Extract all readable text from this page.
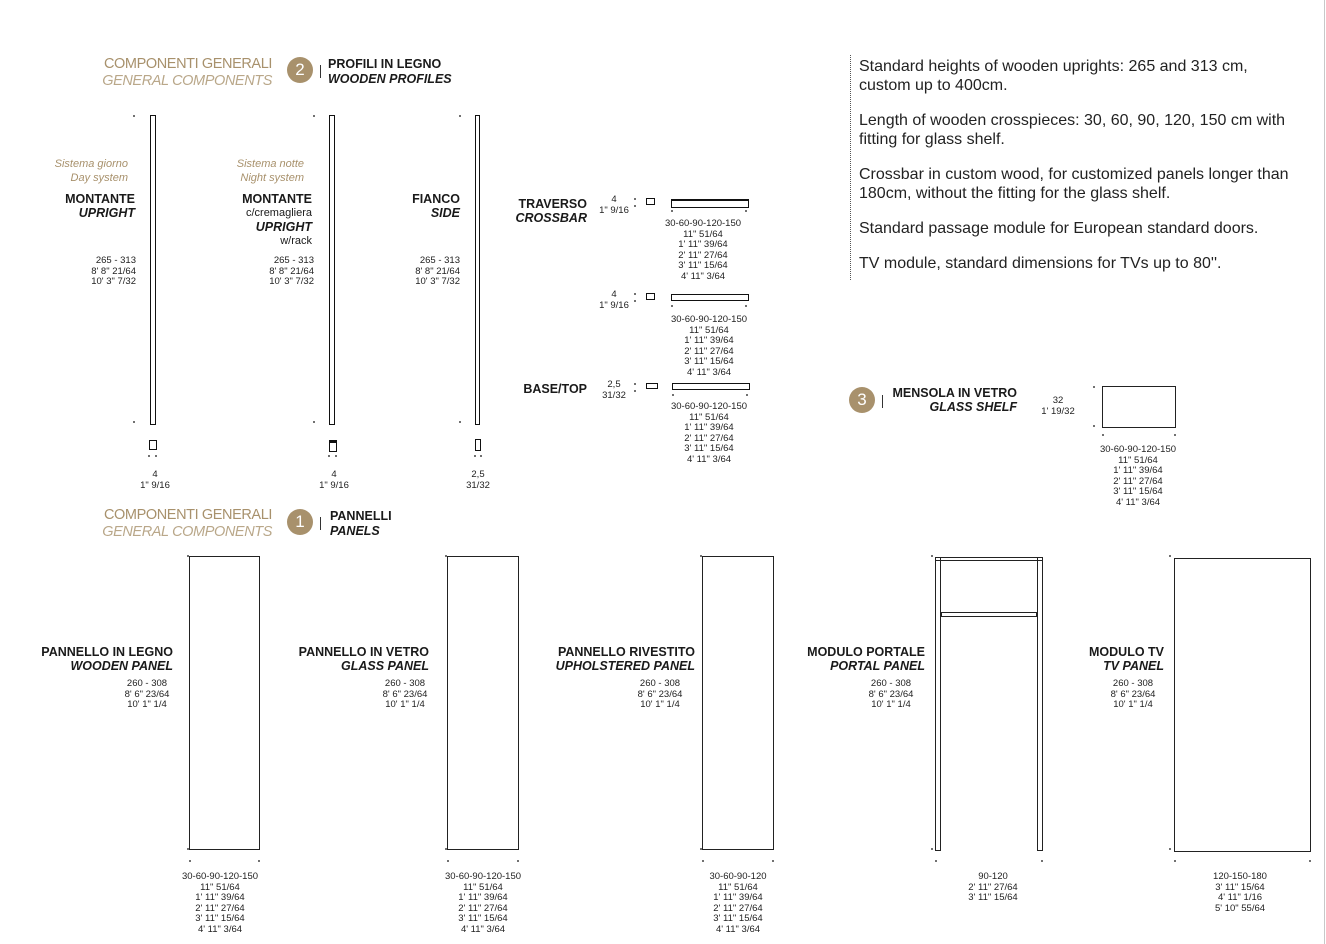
COMPONENTI GENERALI
GENERAL COMPONENTS
2	PROFILI IN LEGNO
WOODEN PROFILES
Sistema giorno
Day system
MONTANTE
UPRIGHT
265 - 313
8' 8" 21/64
10' 3" 7/32
4
1" 9/16
Sistema notte
Night system
MONTANTE
c/cremagliera
UPRIGHT
w/rack
265 - 313
8' 8" 21/64
10' 3" 7/32
4
1" 9/16
FIANCO
SIDE
265 - 313
8' 8" 21/64
10' 3" 7/32
2,5
31/32
TRAVERSO
CROSSBAR
4
1" 9/16
30-60-90-120-150
11" 51/64
1' 11" 39/64
2' 11" 27/64
3' 11" 15/64
4' 11" 3/64
4
1" 9/16
30-60-90-120-150
11" 51/64
1' 11" 39/64
2' 11" 27/64
3' 11" 15/64
4' 11" 3/64
BASE/TOP	2,5
31/32
30-60-90-120-150
11" 51/64
1' 11" 39/64
2' 11" 27/64
3' 11" 15/64
4' 11" 3/64
Standard heights of wooden uprights: 265 and 313 cm, custom up to 400cm.
Length of wooden crosspieces: 30, 60, 90, 120, 150 cm with fitting for glass shelf.
Crossbar in custom wood, for customized panels longer than 180cm, without the fitting for the glass shelf.
Standard passage module for European standard doors.
TV module, standard dimensions for TVs up to 80''.
3	MENSOLA IN VETRO
GLASS SHELF	32
1' 19/32
30-60-90-120-150
11" 51/64
1' 11" 39/64
2' 11" 27/64
3' 11" 15/64
4' 11" 3/64
COMPONENTI GENERALI
GENERAL COMPONENTS
1	PANNELLI
PANELS
PANNELLO IN LEGNO
WOODEN PANEL
260 - 308
8' 6" 23/64
10' 1" 1/4
30-60-90-120-150
11" 51/64
1' 11" 39/64
2' 11" 27/64
3' 11" 15/64
4' 11" 3/64
PANNELLO IN VETRO
GLASS PANEL
260 - 308
8' 6" 23/64
10' 1" 1/4
30-60-90-120-150
11" 51/64
1' 11" 39/64
2' 11" 27/64
3' 11" 15/64
4' 11" 3/64
PANNELLO RIVESTITO
UPHOLSTERED PANEL
260 - 308
8' 6" 23/64
10' 1" 1/4
30-60-90-120
11" 51/64
1' 11" 39/64
2' 11" 27/64
3' 11" 15/64
4' 11" 3/64
MODULO PORTALE
PORTAL PANEL
260 - 308
8' 6" 23/64
10' 1" 1/4
90-120
2' 11" 27/64
3' 11" 15/64
MODULO TV
TV PANEL
260 - 308
8' 6" 23/64
10' 1" 1/4
120-150-180
3' 11" 15/64
4' 11" 1/16
5' 10" 55/64
